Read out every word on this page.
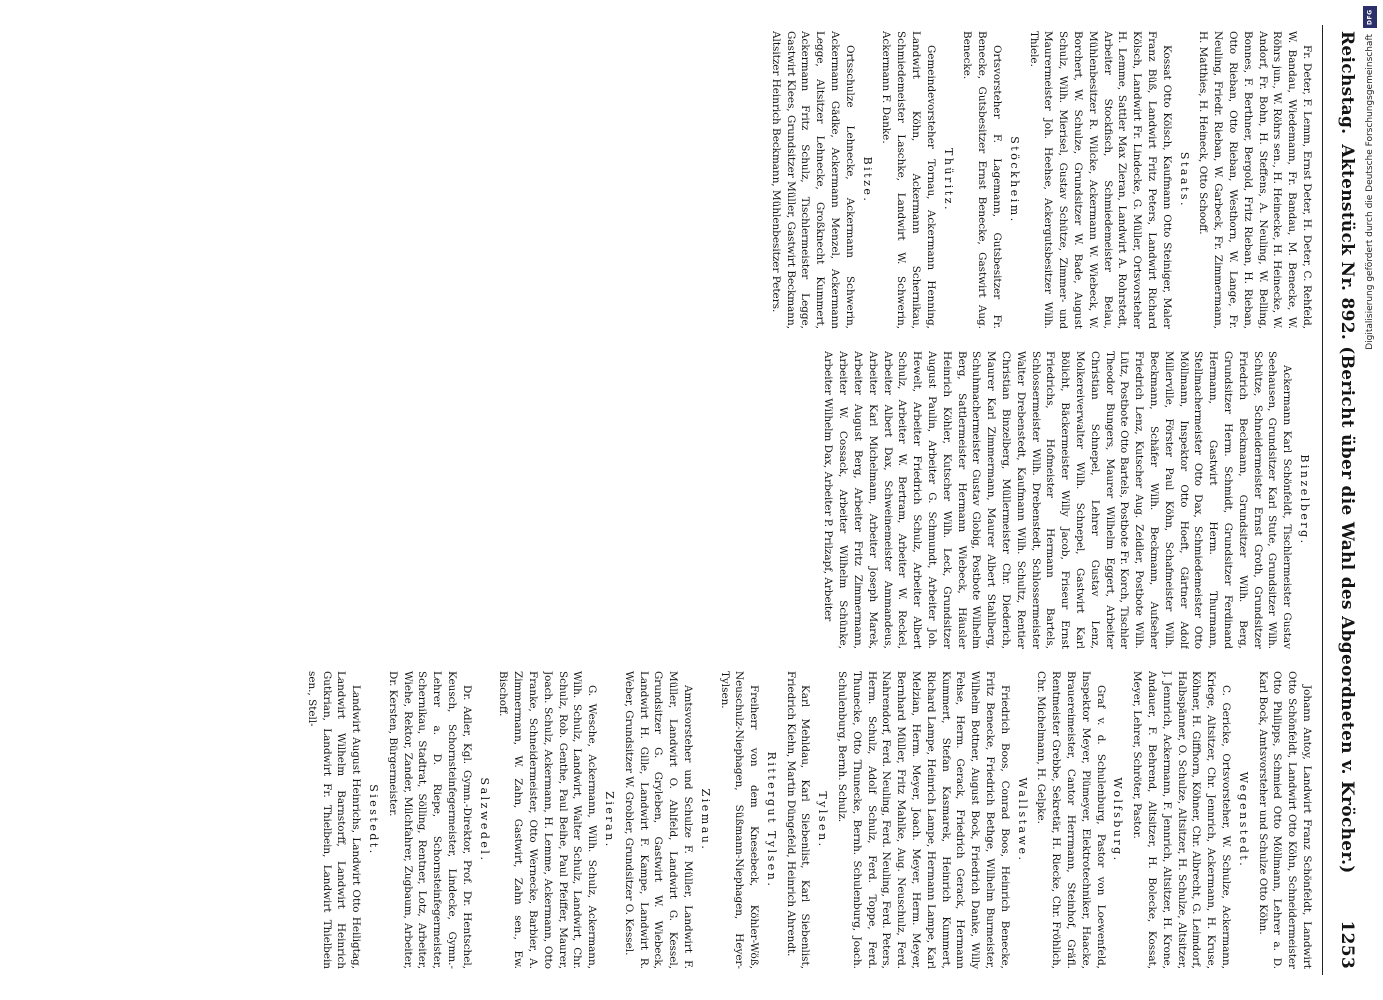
Reichstag.
Aktenstück Nr. 892. (Bericht über die Wahl des Abgeordneten v. Kröcher.)
1253

Fr. Deter, F. Lemm, Ernst Deter, H. Deter, C. Rehfeld, W. Bandau, Wiedemann, Fr. Bandau, M. Benecke, W. Röhrs jun., W. Röhrs sen., H. Heinecke, H. Heinecke, W. Andorf, Fr. Bohn, H. Steffens, A. Neuling, W. Belling, Bonnes, F. Berthner, Bergold, Fritz Rieban, H. Rieban, Otto Rieban, Otto Rieban, Westhorn, W. Lange, Fr. Neuling, Friedr. Rieban, W. Garbeck, Fr. Zimmermann, H. Matthies, H. Heineck, Otto Schooff.

Staats.

Kossat Otto Kölsch, Kaufmann Otto Steiniger, Maler Franz Büß, Landwirt Fritz Peters, Landwirt Richard Kölsch, Landwirt Fr. Lindecke, G. Müller, Ortsvorsteher H. Lemme, Sattler Max Zieran, Landwirt A. Rohrstedt, Arbeiter Stockfisch, Schmiedemeister Belau, Mühlenbesitzer R. Wilcke, Ackermann W. Wiebeck, W. Borchert, W. Schulze, Grundsitzer W. Bade, August Schulz, Wilh. Mierisel, Gustav Schütze, Zimmer- und Maurermeister Joh. Heehse, Ackergutsbesitzer Wilh. Thiele.

Stöckheim.

Ortsvorsteher F. Lagemann, Gutsbesitzer Fr. Benecke, Gutsbesitzer Ernst Benecke, Gastwirt Aug. Benecke.

Thüritz.

Gemeindevorsteher Tornau, Ackermann Henning, Landwirt Köhn, Ackermann Schernikau, Schmiedemeister Laschke, Landwirt W. Schwerin, Ackermann F. Danke.

Bitze.

Ortsschulze Lehnecke, Ackermann Schwerin, Ackermann Gädke, Ackermann Menzel, Ackermann Legge, Altsitzer Lehnecke, Großknecht Kummert, Ackermann Fritz Schulz, Tischlermeister Legge, Gastwirt Klees, Grundsitzer Müller, Gastwirt Beckmann, Altsitzer Heinrich Beckmann, Mühlenbesitzer Peters.

Binzelberg.

Ackermann Karl Schönfeldt, Tischlermeister Gustav Seehausen, Grundsitzer Karl Stute, Grundsitzer Wilh. Schütze, Schneidermeister Ernst Groth, Grundsitzer Friedrich Beckmann, Grundsitzer Wilh. Berg, Grundsitzer Herm. Schmidt, Grundsitzer Ferdinand Hermann, Gastwirt Herm. Thurmann, Stellmachermeister Otto Dax, Schmiedemeister Otto Möllmann, Inspektor Otto Hoeft, Gärtner Adolf Millerville, Förster Paul Köhn, Schafmeister Wilh. Beckmann, Schäfer Wilh. Beckmann, Aufseher Friedrich Lenz, Kutscher Aug. Zeidler, Postbote Wilh. Lütz, Postbote Otto Bartels, Postbote Fr. Korch, Tischler Theodor Bungers, Maurer Wilhelm Eggert, Arbeiter Christian Schnepel, Lehrer Gustav Lenz, Molkereiverwalter Wilh. Schnepel, Gastwirt Karl Bölicht, Bäckermeister Willy Jacob, Friseur Ernst Friedrichs, Hofmeister Hermann Bartels, Schlossermeister Wilh. Drebenstedt, Schlossermeister Walter Drebenstedt, Kaufmann Wilh. Schultz, Rentier Christian Binzelberg, Müllermeister Chr. Diederich, Maurer Karl Zimmermann, Maurer Albert Stahlberg, Schuhmachermeister Gustav Globig, Postbote Wilhelm Berg, Sattlermeister Hermann Wiebeck, Häusler Heinrich Köhler, Kutscher Wilh. Leck, Grundsitzer August Paulin, Arbeiter G. Schmundt, Arbeiter Joh. Hewelt, Arbeiter Friedrich Schulz, Arbeiter Albert Schulz, Arbeiter W. Bertram, Arbeiter W. Reckel, Arbeiter Albert Dax, Schweinemeister Ammandeus, Arbeiter Karl Michelmann, Arbeiter Joseph Marek, Arbeiter August Berg, Arbeiter Fritz Zimmermann, Arbeiter W. Cossack, Arbeiter Wilhelm Schünke, Arbeiter Wilhelm Dax, Arbeiter P. Prilzapf, Arbeiter

Johann Antoy, Landwirt Franz Schönfeldt, Landwirt Otto Schönfeldt, Landwirt Otto Köhn, Schneidermeister Otto Philipps, Schmied Otto Möllmann, Lehrer a. D. Karl Bock, Amtsvorsteher und Schulze Otto Köhn.

Wegenstedt.

C. Gericke, Ortsvorsteher, W. Schulze, Ackermann, Kriege, Altsitzer, Chr. Jennrich, Ackermann, H. Kruse, Köhner, H. Giffhorn, Köhner, Chr. Albrecht, G. Leimdorf, Halbspänner, O. Schulze, Altsitzer, H. Schulze, Altsitzer, J. Jennrich, Ackermann, F. Jennrich, Altsitzer, H. Krone, Andauer, F. Behrend, Altsitzer, H. Bolecke, Kossat, Meyer, Lehrer, Schröter, Pastor.

Wolfsburg.

Graf v. d. Schulenburg, Pastor von Loewenfeld, Inspektor Meyer, Plümeyer, Elektrotechniker, Haacke, Brauereimeister, Cantor Herrmann, Steinhof, Gräfl. Rentmeister Grebbe, Sekretär, H. Riecke, Chr. Fröhlich, Chr. Michelmann, H. Gelpke.

Wallstawe.

Friedrich Boos, Conrad Boos, Heinrich Benecke, Fritz Benecke, Friedrich Bethge, Wilhelm Burmeister, Wilhelm Bottner, August Bock, Friedrich Danke, Willy Fehse, Herm. Gerack, Friedrich Gerack, Hermann Kummert, Stefan Kasmarek, Heinrich Kummert, Richard Lampe, Heinrich Lampe, Hermann Lampe, Karl Melzian, Herm. Meyer, Joach. Meyer, Herm. Meyer, Bernhard Müller, Fritz Mahlke, Aug. Neuschulz, Ferd. Nahrendorf, Ferd. Neuling, Ferd. Neuling, Ferd. Peters, Herm. Schulz, Adolf Schulz, Ferd. Toppe, Ferd. Thunecke, Otto Thunecke, Bernh. Schulenburg, Joach. Schulenburg, Bernh. Schulz.

Tylsen.

Karl Mehldau, Karl Siebenlist, Karl Siebenlist, Friedrich Kiehn, Martin Düngefeld, Heinrich Ahrendt.

Rittergut Tylsen.

Freiherr von dem Knesebeck, Köhler-Wöß, Neuschulz-Niephagen, Süßmann-Niephagen, Heyer-Tylsen.

Ziemau.

Amtsvorsteher und Schulze F. Müller, Landwirt F. Müller, Landwirt O. Ahlfeld, Landwirt G. Kessel, Grundsitzer G. Gryleben, Gastwirt W. Wiebeck, Landwirt H. Gille, Landwirt F. Kampe, Landwirt R. Weber, Grundsitzer W. Grobler, Grundsitzer O. Kessel.

Zieran.

G. Wesche, Ackermann, Wilh. Schulz, Ackermann, Wilh. Schulz, Landwirt, Walter Schulz, Landwirt, Chr. Schulz, Rob. Genthe, Paul Beihe, Paul Pfeiffer, Maurer, Joach. Schulz, Ackermann, H. Lemme, Ackermann, Otto Franke, Schneidermeister, Otto Wernecke, Barbier, A. Zimmermann, W. Zahn, Gastwirt, Zahn sen., Ew. Bischoff.

Salzwedel.

Dr. Adler, Kgl. Gymn.-Direktor, Prof. Dr. Hentschel, Keusch, Schornsteinfegermeister, Lindecke, Gymn.-Lehrer a. D. Riepe, Schornsteinfegermeister, Schernikau, Stadtrat, Sölling, Rentner, Lotz, Arbeiter, Wiehe, Rektor, Zander, Milchfahrer, Zugbaum, Arbeiter, Dr. Kersten, Bürgermeister.

Siestedt.

Landwirt August Heinrichs, Landwirt Otto Heiligtag, Landwirt Wilhelm Barnstorff, Landwirt Heinrich Gutkrian, Landwirt Fr. Thielbein, Landwirt Thielbein sen., Stell-

DFG
Digitalisierung gefördert durch die Deutsche Forschungsgemeinschaft
